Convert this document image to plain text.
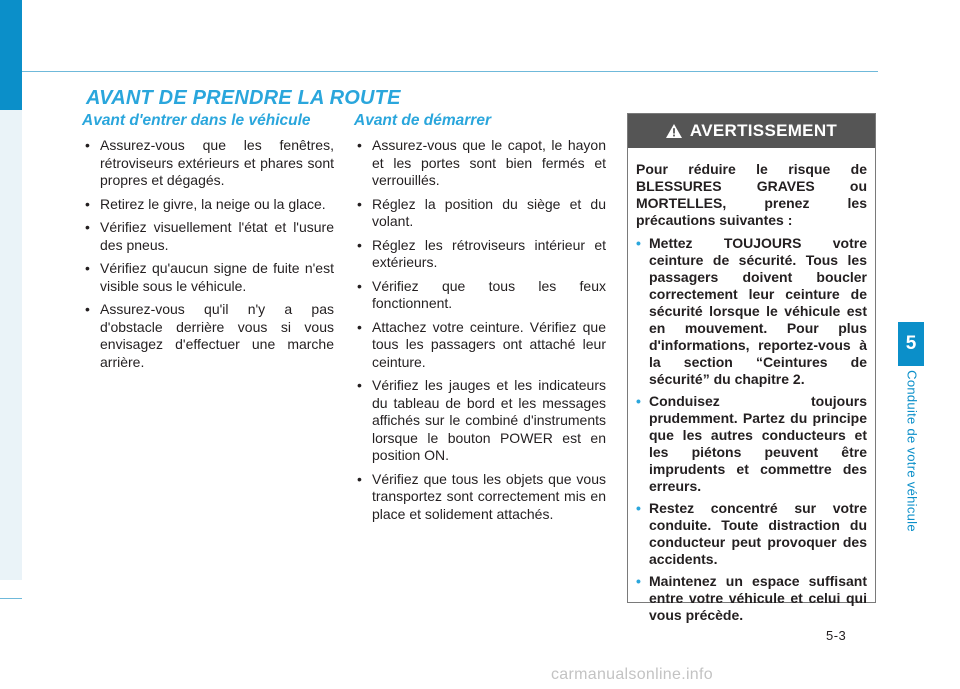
5
Conduite de votre véhicule
AVANT DE PRENDRE LA ROUTE
Avant d'entrer dans le véhicule
• Assurez-vous que les fenêtres, rétroviseurs extérieurs et phares sont propres et dégagés.
• Retirez le givre, la neige ou la glace.
• Vérifiez visuellement l'état et l'usure des pneus.
• Vérifiez qu'aucun signe de fuite n'est visible sous le véhicule.
• Assurez-vous qu'il n'y a pas d'obstacle derrière vous si vous envisagez d'effectuer une marche arrière.
Avant de démarrer
• Assurez-vous que le capot, le hayon et les portes sont bien fermés et verrouillés.
• Réglez la position du siège et du volant.
• Réglez les rétroviseurs intérieur et extérieurs.
• Vérifiez que tous les feux fonctionnent.
• Attachez votre ceinture. Vérifiez que tous les passagers ont attaché leur ceinture.
• Vérifiez les jauges et les indicateurs du tableau de bord et les messages affichés sur le combiné d'instruments lorsque le bouton POWER est en position ON.
• Vérifiez que tous les objets que vous transportez sont correctement mis en place et solidement attachés.
AVERTISSEMENT

Pour réduire le risque de BLESSURES GRAVES ou MORTELLES, prenez les précautions suivantes :

• Mettez TOUJOURS votre ceinture de sécurité. Tous les passagers doivent boucler correctement leur ceinture de sécurité lorsque le véhicule est en mouvement. Pour plus d'informations, reportez-vous à la section “Ceintures de sécurité” du chapitre 2.
• Conduisez toujours prudemment. Partez du principe que les autres conducteurs et les piétons peuvent être imprudents et commettre des erreurs.
• Restez concentré sur votre conduite. Toute distraction du conducteur peut provoquer des accidents.
• Maintenez un espace suffisant entre votre véhicule et celui qui vous précède.
5-3
carmanualsonline.info
